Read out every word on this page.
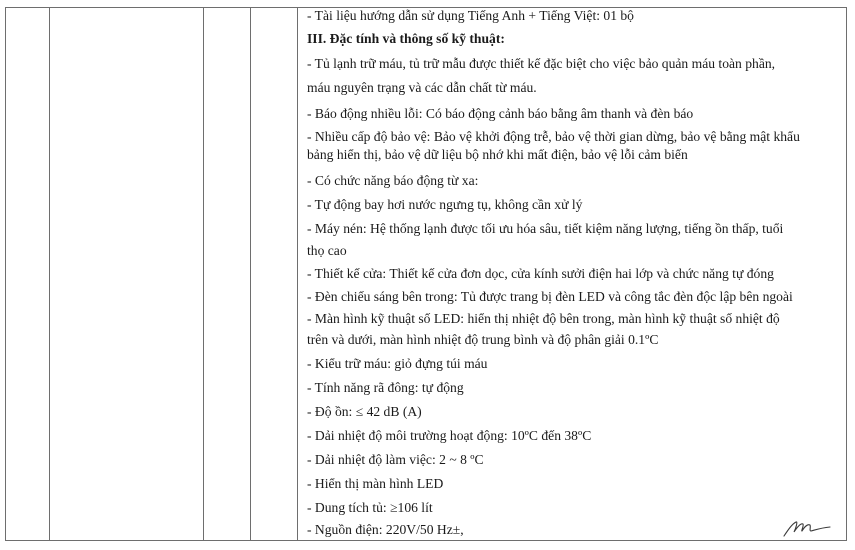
- Tài liệu hướng dẫn sử dụng Tiếng Anh + Tiếng Việt: 01 bộ
III. Đặc tính và thông số kỹ thuật:
- Tủ lạnh trữ máu, tủ trữ mẫu được thiết kế đặc biệt cho việc bảo quản máu toàn phần,
máu nguyên trạng và các dẫn chất từ máu.
- Báo động nhiều lỗi: Có báo động cảnh báo bằng âm thanh và đèn báo
- Nhiều cấp độ bảo vệ: Bảo vệ khởi động trễ, bảo vệ thời gian dừng, bảo vệ bằng mật khẩu
bảng hiển thị, bảo vệ dữ liệu bộ nhớ khi mất điện, bảo vệ lỗi cảm biến
- Có chức năng báo động từ xa:
- Tự động bay hơi nước ngưng tụ, không cần xử lý
- Máy nén: Hệ thống lạnh được tối ưu hóa sâu, tiết kiệm năng lượng, tiếng ồn thấp, tuổi
thọ cao
- Thiết kế cửa: Thiết kế cửa đơn dọc, cửa kính sưởi điện hai lớp và chức năng tự đóng
- Đèn chiếu sáng bên trong: Tủ được trang bị đèn LED và công tắc đèn độc lập bên ngoài
- Màn hình kỹ thuật số LED: hiển thị nhiệt độ bên trong, màn hình kỹ thuật số nhiệt độ
trên và dưới, màn hình nhiệt độ trung bình và độ phân giải 0.1ºC
- Kiểu trữ máu: giỏ đựng túi máu
- Tính năng rã đông: tự động
- Độ ồn: ≤ 42 dB (A)
- Dải nhiệt độ môi trường hoạt động: 10ºC đến 38ºC
- Dải nhiệt độ làm việc: 2 ~ 8 ºC
- Hiển thị màn hình LED
- Dung tích tủ: ≥106 lít
- Nguồn điện: 220V/50 Hz±,
